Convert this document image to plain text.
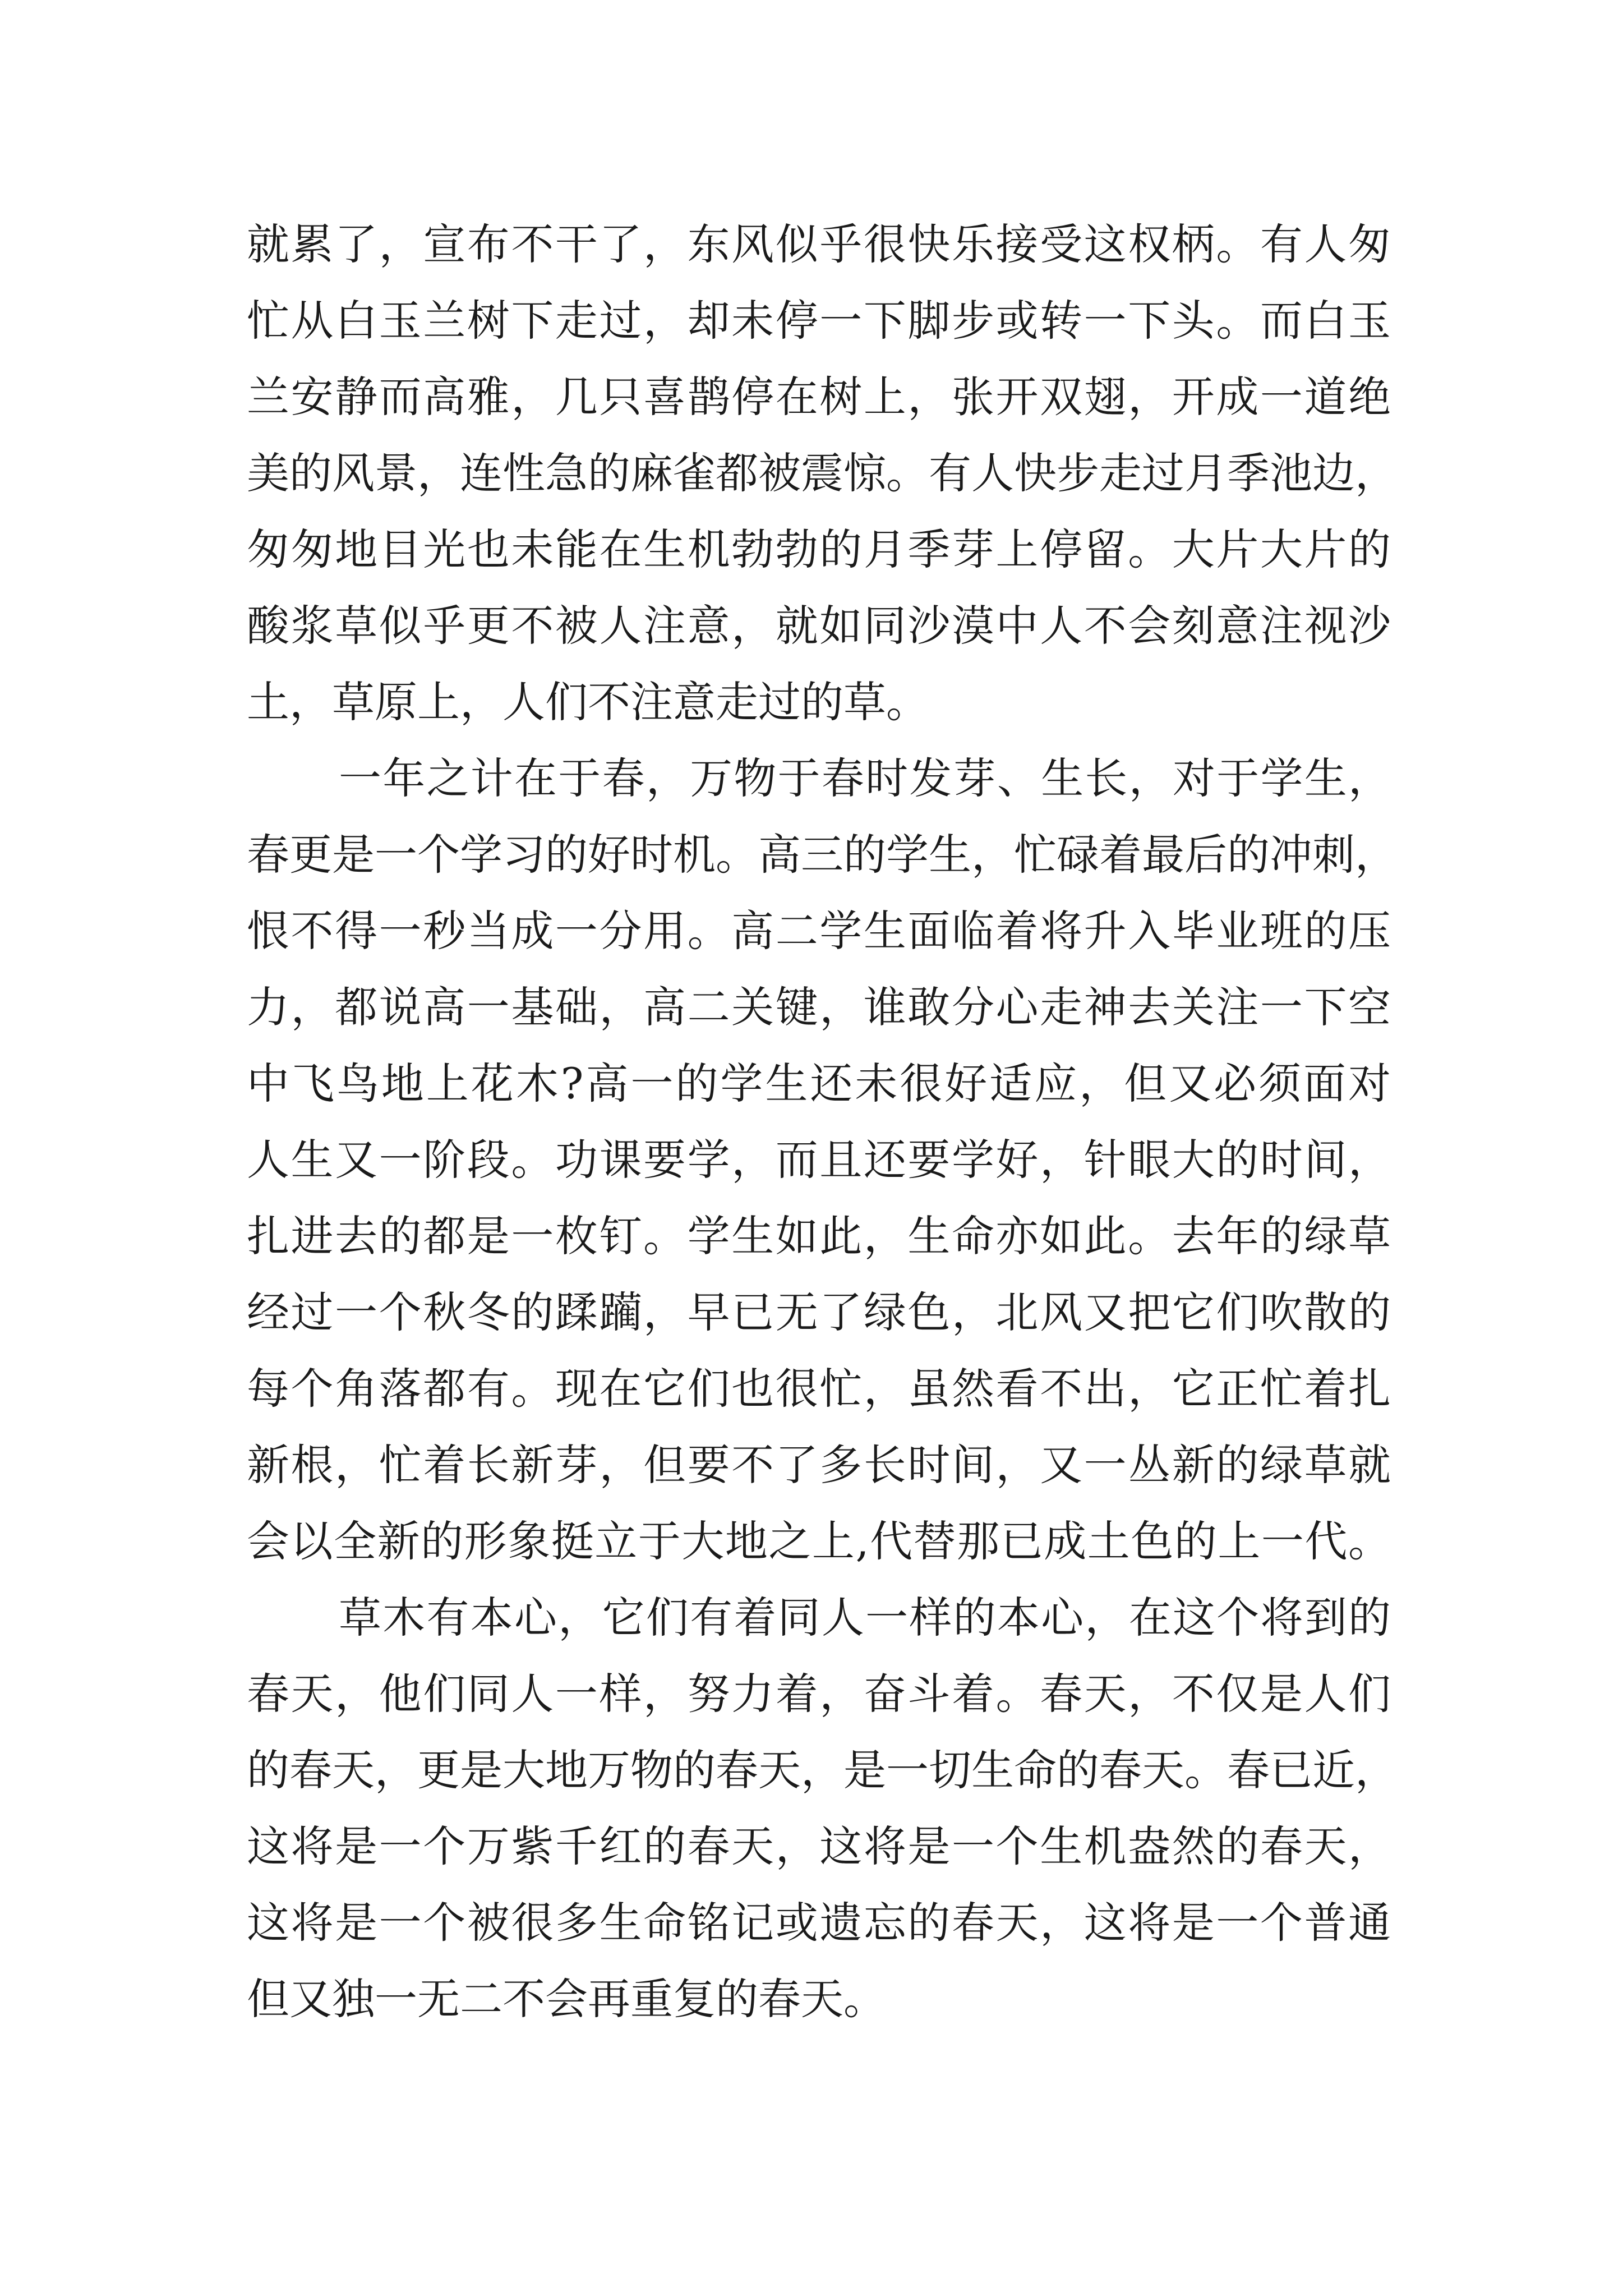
就累了，宣布不干了，东风似乎很快乐接受这权柄。有人匆
忙从白玉兰树下走过，却未停一下脚步或转一下头。而白玉
兰安静而高雅，几只喜鹊停在树上，张开双翅，开成一道绝
美的风景，连性急的麻雀都被震惊。有人快步走过月季池边，
匆匆地目光也未能在生机勃勃的月季芽上停留。大片大片的
酸浆草似乎更不被人注意，就如同沙漠中人不会刻意注视沙
土，草原上，人们不注意走过的草。
一年之计在于春，万物于春时发芽、生长，对于学生，
春更是一个学习的好时机。高三的学生，忙碌着最后的冲刺，
恨不得一秒当成一分用。高二学生面临着将升入毕业班的压
力，都说高一基础，高二关键，谁敢分心走神去关注一下空
中飞鸟地上花木?高一的学生还未很好适应，但又必须面对
人生又一阶段。功课要学，而且还要学好，针眼大的时间，
扎进去的都是一枚钉。学生如此，生命亦如此。去年的绿草
经过一个秋冬的蹂躏，早已无了绿色，北风又把它们吹散的
每个角落都有。现在它们也很忙，虽然看不出，它正忙着扎
新根，忙着长新芽，但要不了多长时间，又一丛新的绿草就
会以全新的形象挺立于大地之上,代替那已成土色的上一代。
草木有本心，它们有着同人一样的本心，在这个将到的
春天，他们同人一样，努力着，奋斗着。春天，不仅是人们
的春天，更是大地万物的春天，是一切生命的春天。春已近，
这将是一个万紫千红的春天，这将是一个生机盎然的春天，
这将是一个被很多生命铭记或遗忘的春天，这将是一个普通
但又独一无二不会再重复的春天。
